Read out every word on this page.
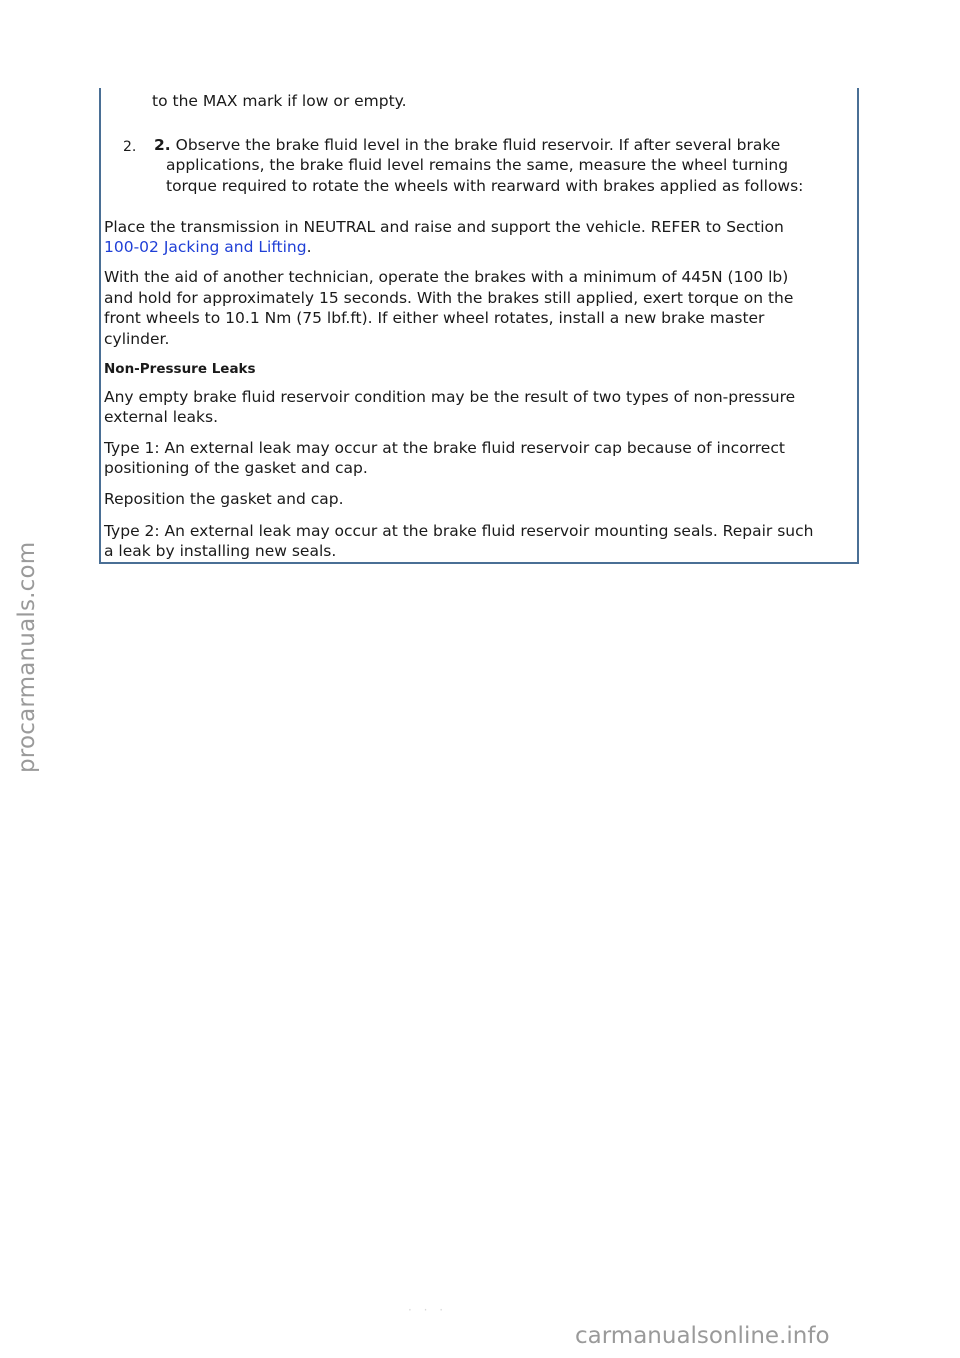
to the MAX mark if low or empty.

2. 2. Observe the brake fluid level in the brake fluid reservoir. If after several brake

applications, the brake fluid level remains the same, measure the wheel turning

torque required to rotate the wheels with rearward with brakes applied as follows:

Place the transmission in NEUTRAL and raise and support the vehicle. REFER to Section

100-02 Jacking and Lifting.

With the aid of another technician, operate the brakes with a minimum of 445N (100 lb)

and hold for approximately 15 seconds. With the brakes still applied, exert torque on the

front wheels to 10.1 Nm (75 lbf.ft). If either wheel rotates, install a new brake master

cylinder.

Non-Pressure Leaks

Any empty brake fluid reservoir condition may be the result of two types of non-pressure

external leaks.

Type 1: An external leak may occur at the brake fluid reservoir cap because of incorrect

positioning of the gasket and cap.

Reposition the gasket and cap.

Type 2: An external leak may occur at the brake fluid reservoir mounting seals. Repair such

a leak by installing new seals.

· · ·
procarmanuals.com
carmanualsonline.info
